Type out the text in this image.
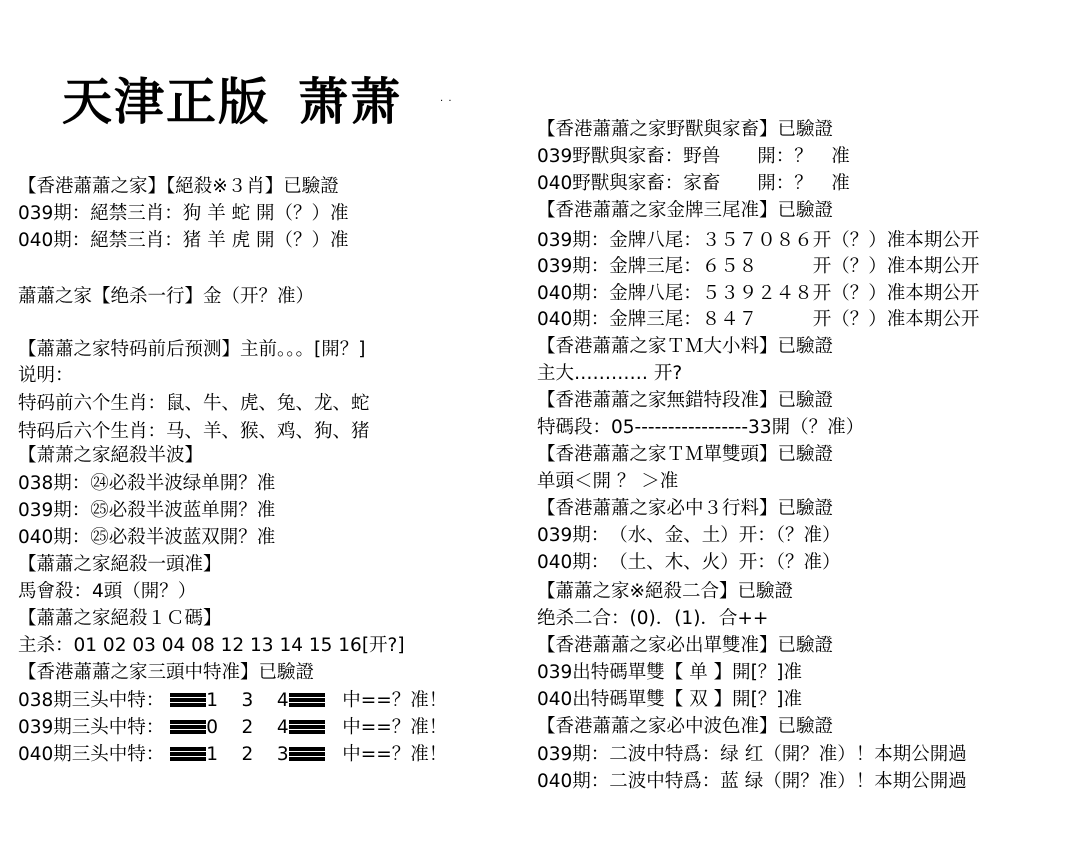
天津正版 萧萧	· ·
【香港蕭蕭之家】【絕殺※３肖】已驗證
039期：絕禁三肖：狗 羊 蛇 開（？）准
040期：絕禁三肖：猪 羊 虎 開（？）准
蕭蕭之家【绝杀一行】金（开？准）
【蕭蕭之家特码前后预测】主前。。。[開？]
说明：
特码前六个生肖：鼠、牛、虎、兔、龙、蛇
特码后六个生肖：马、羊、猴、鸡、狗、猪
【萧萧之家絕殺半波】
038期：㉔必殺半波绿单開？准
039期：㉕必殺半波蓝单開？准
040期：㉕必殺半波蓝双開？准
【蕭蕭之家絕殺一頭准】
馬會殺：4頭（開？）
【蕭蕭之家絕殺１Ｃ碼】
主杀：01 02 03 04 08 12 13 14 15 16[开?]
【香港蕭蕭之家三頭中特准】已驗證
038期三头中特： 1 3 4	中==？准！
039期三头中特： 0 2 4	中==？准！
040期三头中特： 1 2 3	中==？准！
【香港蕭蕭之家野獸與家畜】已驗證
039野獸與家畜：野兽　　開：？　准
040野獸與家畜：家畜　　開：？　准
【香港蕭蕭之家金牌三尾准】已驗證
039期：金牌八尾：３５７０８６开（？）准本期公开
039期：金牌三尾：６５８　　　开（？）准本期公开
040期：金牌八尾：５３９２４８开（？）准本期公开
040期：金牌三尾：８４７　　　开（？）准本期公开
【香港蕭蕭之家ＴＭ大小料】已驗證
主大………… 开?
【香港蕭蕭之家無錯特段准】已驗證
特碼段：05-----------------33開（？准）
【香港蕭蕭之家ＴＭ單雙頭】已驗證
单頭＜開 ？ ＞准
【香港蕭蕭之家必中３行料】已驗證
039期：　（水、金、土）开：（？准）
040期：　（土、木、火）开：（？准）
【蕭蕭之家※絕殺二合】已驗證
绝杀二合：(0)．(1)．合++
【香港蕭蕭之家必出單雙准】已驗證
039出特碼單雙【 单 】開[？]准
040出特碼單雙【 双 】開[？]准
【香港蕭蕭之家必中波色准】已驗證
039期：二波中特爲：绿 红（開？准）！本期公開過
040期：二波中特爲：蓝 绿（開？准）！本期公開過
